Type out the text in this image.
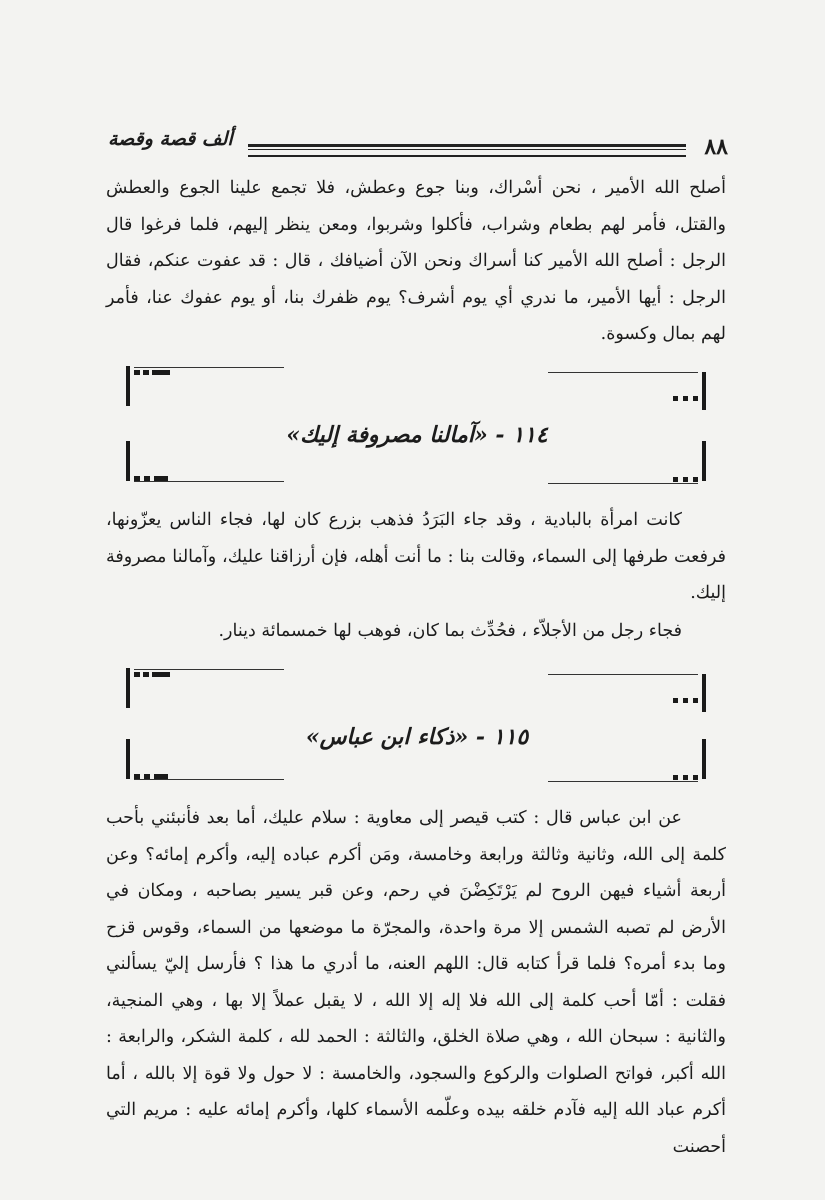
٨٨
ألف قصة وقصة

أصلح الله الأمير ، نحن أسْراك، وبنا جوع وعطش، فلا تجمع علينا الجوع والعطش والقتل، فأمر لهم بطعام وشراب، فأكلوا وشربوا، ومعن ينظر إليهم، فلما فرغوا قال الرجل : أصلح الله الأمير كنا أسراك ونحن الآن أضيافك ، قال : قد عفوت عنكم، فقال الرجل : أيها الأمير، ما ندري أي يوم أشرف؟ يوم ظفرك بنا، أو يوم عفوك عنا، فأمر لهم بمال وكسوة.

١١٤ - «آمالنا مصروفة إليك»

كانت امرأة بالبادية ، وقد جاء البَرَدُ فذهب بزرع كان لها، فجاء الناس يعزّونها، فرفعت طرفها إلى السماء، وقالت بنا : ما أنت أهله، فإن أرزاقنا عليك، وآمالنا مصروفة إليك.

فجاء رجل من الأجلاّء ، فحُدِّث بما كان، فوهب لها خمسمائة دينار.

١١٥ - «ذكاء ابن عباس»

عن ابن عباس قال : كتب قيصر إلى معاوية : سلام عليك، أما بعد فأنبئني بأحب كلمة إلى الله، وثانية وثالثة ورابعة وخامسة، ومَن أكرم عباده إليه، وأكرم إمائه؟ وعن أربعة أشياء فيهن الروح لم يَرْتَكِضْنَ في رحم، وعن قبر يسير بصاحبه ، ومكان في الأرض لم تصبه الشمس إلا مرة واحدة، والمجرّة ما موضعها من السماء، وقوس قزح وما بدء أمره؟ فلما قرأ كتابه قال: اللهم العنه، ما أدري ما هذا ؟ فأرسل إليّ يسألني فقلت : أمّا أحب كلمة إلى الله فلا إله إلا الله ، لا يقبل عملاً إلا بها ، وهي المنجية، والثانية : سبحان الله ، وهي صلاة الخلق، والثالثة : الحمد لله ، كلمة الشكر، والرابعة : الله أكبر، فواتح الصلوات والركوع والسجود، والخامسة : لا حول ولا قوة إلا بالله ، أما أكرم عباد الله إليه فآدم خلقه بيده وعلّمه الأسماء كلها، وأكرم إمائه عليه : مريم التي أحصنت
